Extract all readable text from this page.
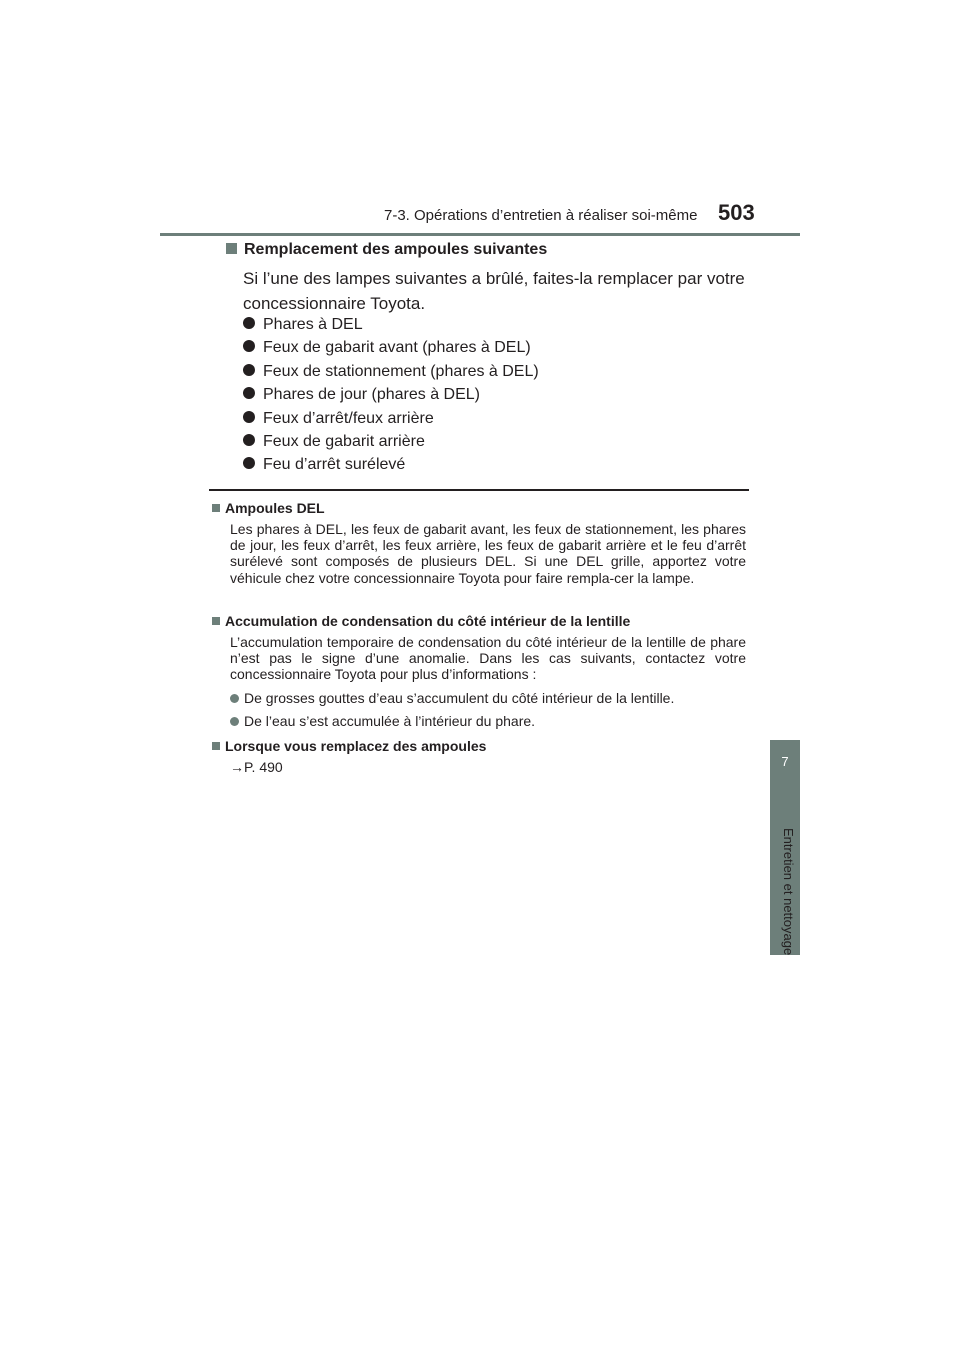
7-3. Opérations d’entretien à réaliser soi-même 503
7
Entretien et nettoyage
Remplacement des ampoules suivantes
Si l’une des lampes suivantes a brûlé, faites-la remplacer par votre concessionnaire Toyota.
Phares à DEL
Feux de gabarit avant (phares à DEL)
Feux de stationnement (phares à DEL)
Phares de jour (phares à DEL)
Feux d’arrêt/feux arrière
Feux de gabarit arrière
Feu d’arrêt surélevé
Ampoules DEL
Les phares à DEL, les feux de gabarit avant, les feux de stationnement, les phares de jour, les feux d’arrêt, les feux arrière, les feux de gabarit arrière et le feu d’arrêt surélevé sont composés de plusieurs DEL. Si une DEL grille, apportez votre véhicule chez votre concessionnaire Toyota pour faire rempla-cer la lampe.
Accumulation de condensation du côté intérieur de la lentille
L’accumulation temporaire de condensation du côté intérieur de la lentille de phare n’est pas le signe d’une anomalie. Dans les cas suivants, contactez votre concessionnaire Toyota pour plus d’informations :
De grosses gouttes d’eau s’accumulent du côté intérieur de la lentille.
De l’eau s’est accumulée à l’intérieur du phare.
Lorsque vous remplacez des ampoules
→P. 490
